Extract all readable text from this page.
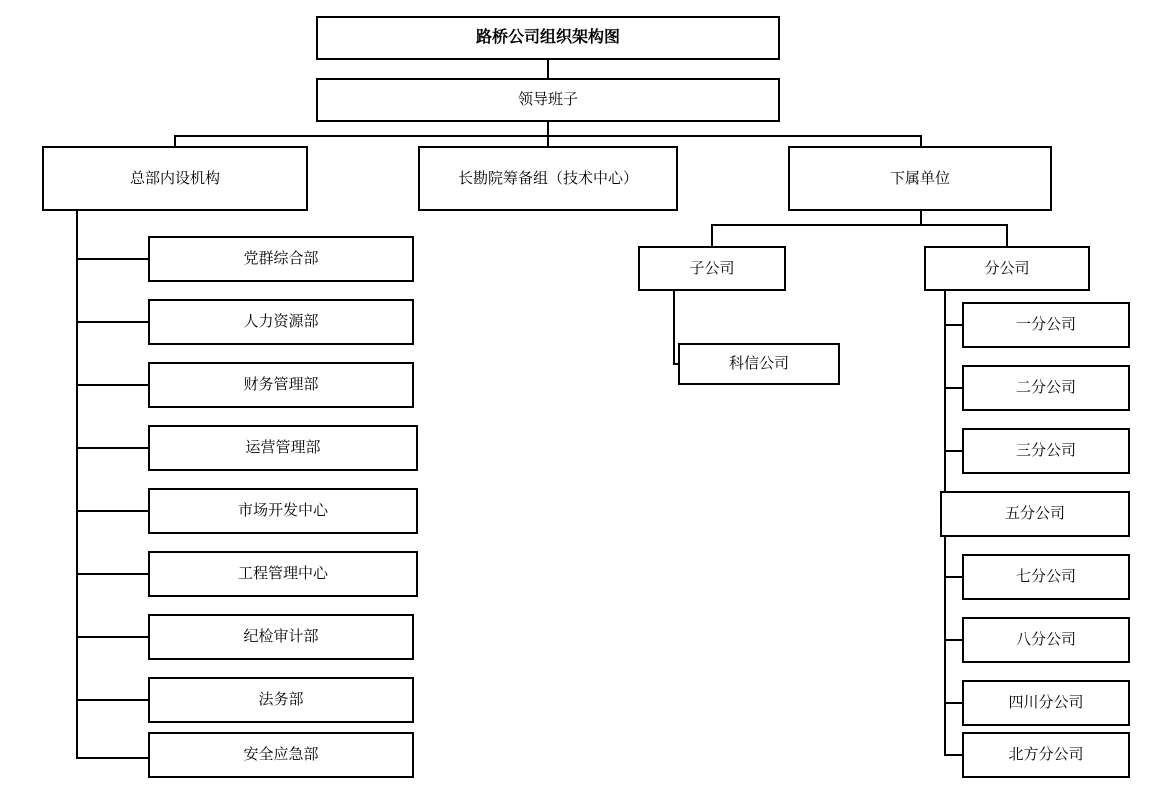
路桥公司组织架构图
领导班子
总部内设机构	长勘院筹备组（技术中心）	下属单位
子公司	分公司
科信公司
党群综合部
人力资源部
财务管理部
运营管理部
市场开发中心
工程管理中心
纪检审计部
法务部
安全应急部
一分公司
二分公司
三分公司
五分公司
七分公司
八分公司
四川分公司
北方分公司
